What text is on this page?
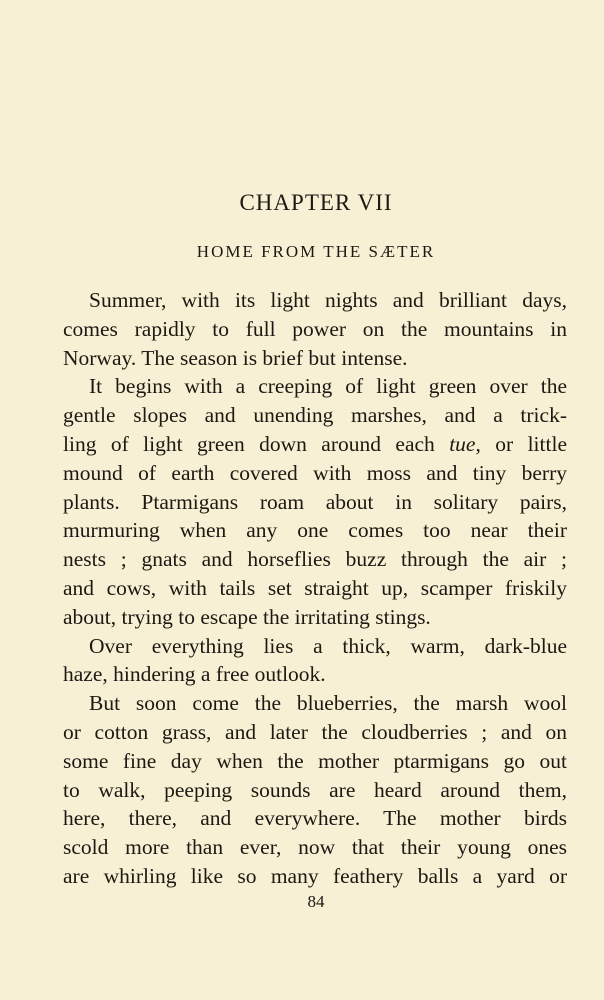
CHAPTER VII
HOME FROM THE SÆTER
Summer, with its light nights and brilliant days,
comes rapidly to full power on the mountains in
Norway. The season is brief but intense.
It begins with a creeping of light green over the
gentle slopes and unending marshes, and a trick-
ling of light green down around each tue, or little
mound of earth covered with moss and tiny berry
plants. Ptarmigans roam about in solitary pairs,
murmuring when any one comes too near their
nests ; gnats and horseflies buzz through the air ;
and cows, with tails set straight up, scamper friskily
about, trying to escape the irritating stings.
Over everything lies a thick, warm, dark-blue
haze, hindering a free outlook.
But soon come the blueberries, the marsh wool
or cotton grass, and later the cloudberries ; and on
some fine day when the mother ptarmigans go out
to walk, peeping sounds are heard around them,
here, there, and everywhere. The mother birds
scold more than ever, now that their young ones
are whirling like so many feathery balls a yard or
84
